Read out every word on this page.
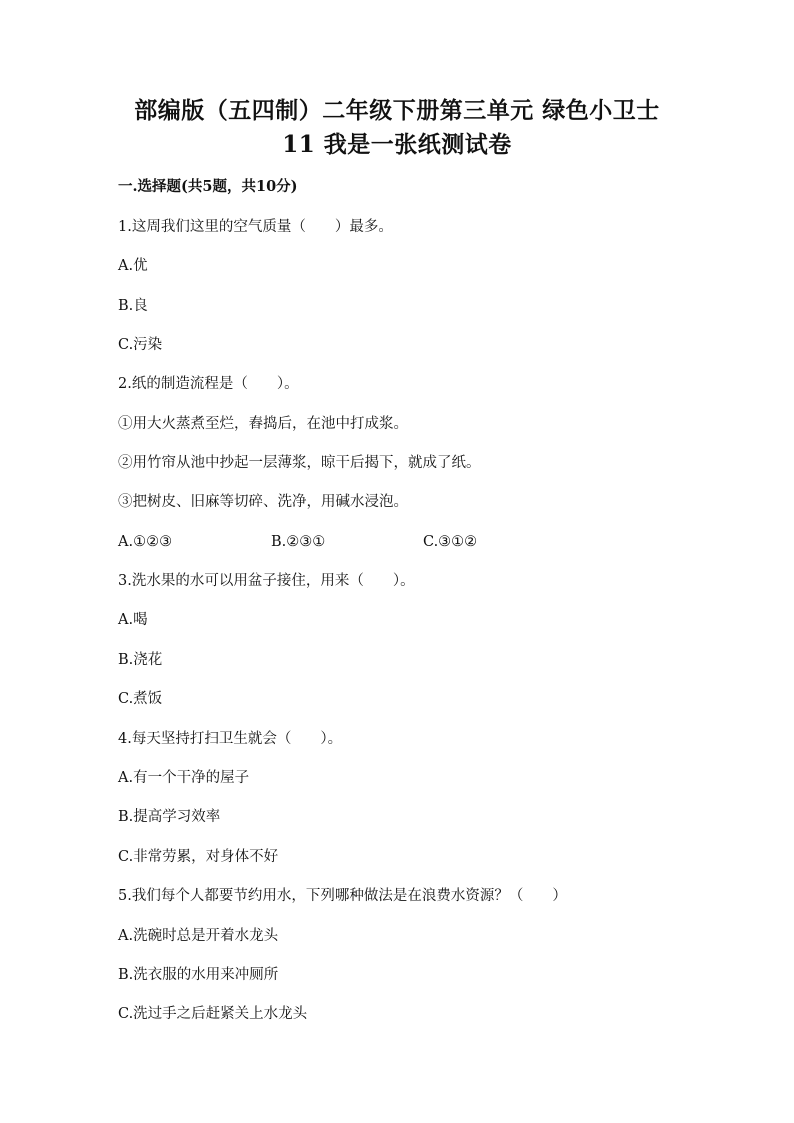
部编版（五四制）二年级下册第三单元 绿色小卫士
11 我是一张纸测试卷
一.选择题(共5题，共10分)
1.这周我们这里的空气质量（　　）最多。
A.优
B.良
C.污染
2.纸的制造流程是（　　）。
①用大火蒸煮至烂，舂捣后，在池中打成浆。
②用竹帘从池中抄起一层薄浆，晾干后揭下，就成了纸。
③把树皮、旧麻等切碎、洗净，用碱水浸泡。
A.①②③	B.②③①	C.③①②
3.洗水果的水可以用盆子接住，用来（　　）。
A.喝
B.浇花
C.煮饭
4.每天坚持打扫卫生就会（　　）。
A.有一个干净的屋子
B.提高学习效率
C.非常劳累，对身体不好
5.我们每个人都要节约用水，下列哪种做法是在浪费水资源？（　　）
A.洗碗时总是开着水龙头
B.洗衣服的水用来冲厕所
C.洗过手之后赶紧关上水龙头
